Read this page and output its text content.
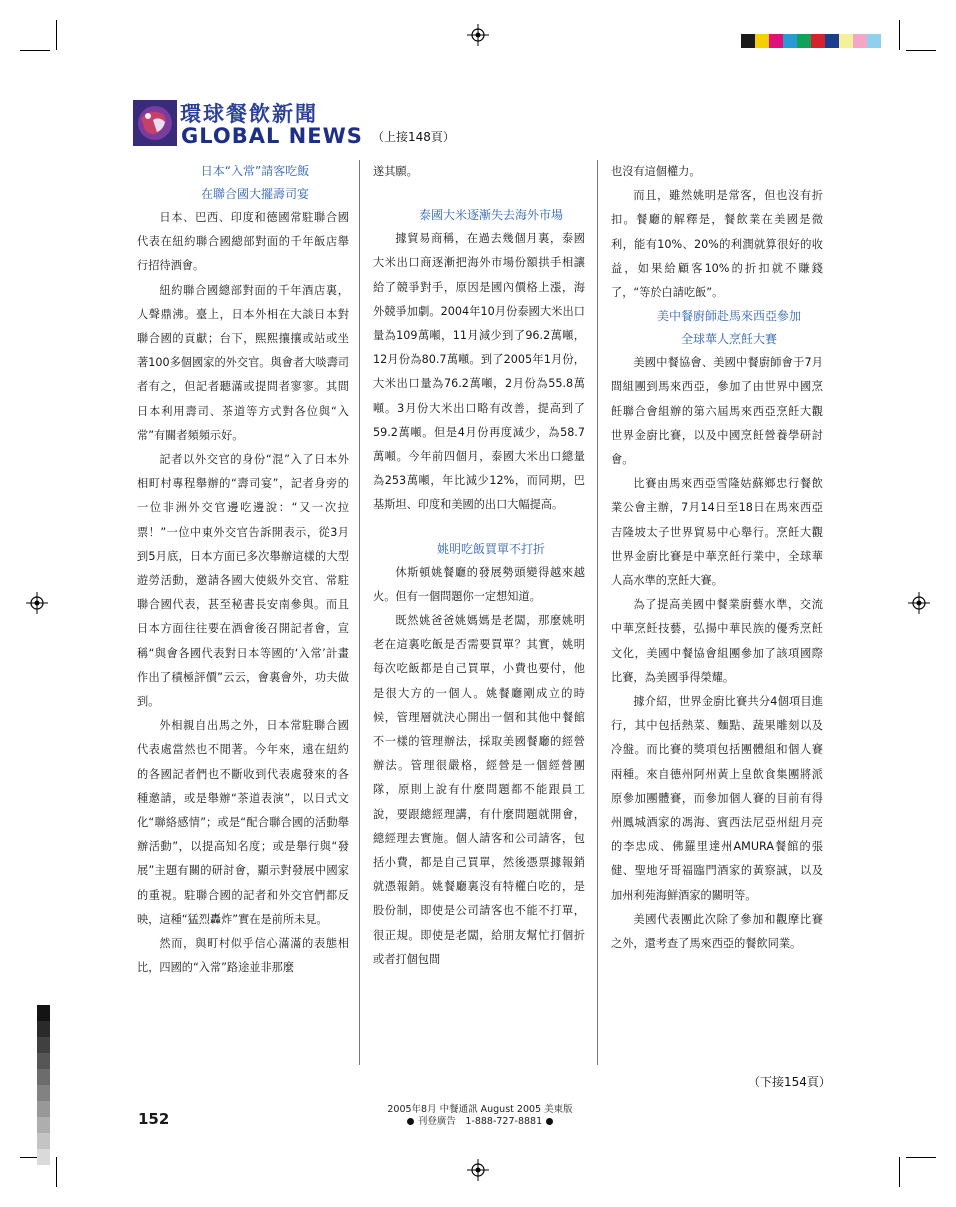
環球餐飲新聞
GLOBAL NEWS （上接148頁）

日本“入常”請客吃飯

在聯合國大擺壽司宴

日本、巴西、印度和德國常駐聯合國代表在紐約聯合國總部對面的千年飯店舉行招待酒會。

紐約聯合國總部對面的千年酒店裏，人聲鼎沸。臺上，日本外相在大談日本對聯合國的貢獻；台下，熙熙攘攘或站或坐著100多個國家的外交官。與會者大啖壽司者有之，但記者聽滿或提問者寥寥。其間日本利用壽司、茶道等方式對各位與“入常”有關者頻頻示好。

記者以外交官的身份“混”入了日本外相町村專程舉辦的“壽司宴”，記者身旁的一位非洲外交官邊吃邊說：“又一次拉票！”一位中東外交官告訴開表示，從3月到5月底，日本方面已多次舉辦這樣的大型遊勞活動，邀請各國大使級外交官、常駐聯合國代表，甚至秘書長安南參與。而且日本方面往往要在酒會後召開記者會，宣稱“與會各國代表對日本等國的‘入常’計畫作出了積極評價”云云，會裏會外，功夫做到。

外相親自出馬之外，日本常駐聯合國代表處當然也不閒著。今年來，遠在紐約的各國記者們也不斷收到代表處發來的各種邀請，或是舉辦“茶道表演”，以日式文化“聯絡感情”；或是“配合聯合國的活動舉辦活動”，以提高知名度；或是舉行與“發展”主題有關的研討會，顯示對發展中國家的重視。駐聯合國的記者和外交官們都反映，這種“猛烈轟炸”實在是前所未見。

然而，與町村似乎信心滿滿的表態相比，四國的“入常”路途並非那麼

遂其願。

泰國大米逐漸失去海外市場

據貿易商稱，在過去幾個月裏，泰國大米出口商逐漸把海外市場份額拱手相讓給了競爭對手，原因是國內價格上漲，海外競爭加劇。2004年10月份泰國大米出口量為109萬噸，11月減少到了96.2萬噸，12月份為80.7萬噸。到了2005年1月份，大米出口量為76.2萬噸，2月份為55.8萬噸。3月份大米出口略有改善，提高到了59.2萬噸。但是4月份再度減少，為58.7萬噸。今年前四個月，泰國大米出口總量為253萬噸，年比減少12%，而同期，巴基斯坦、印度和美國的出口大幅提高。

姚明吃飯買單不打折

休斯頓姚餐廳的發展勢頭變得越來越火。但有一個問題你一定想知道。

既然姚爸爸姚媽媽是老闆，那麼姚明老在這裏吃飯是否需要買單？其實，姚明每次吃飯都是自己買單，小費也要付，他是很大方的一個人。姚餐廳剛成立的時候，管理層就決心開出一個和其他中餐館不一樣的管理辦法，採取美國餐廳的經營辦法。管理很嚴格，經營是一個經營團隊，原則上說有什麼問題都不能跟員工說，要跟總經理講，有什麼問題就開會，總經理去實施。個人請客和公司請客，包括小費，都是自己買單，然後憑票據報銷就憑報銷。姚餐廳裏沒有特權白吃的，是股份制，即使是公司請客也不能不打單，很正規。即使是老闆，給朋友幫忙打個折或者打個包間

也沒有這個權力。

而且，雖然姚明是常客，但也沒有折扣。餐廳的解釋是，餐飲業在美國是微利，能有10%、20%的利潤就算很好的收益，如果給顧客10%的折扣就不賺錢了，“等於白請吃飯”。

美中餐廚師赴馬來西亞參加

全球華人烹飪大賽

美國中餐協會、美國中餐廚師會于7月間組團到馬來西亞，參加了由世界中國烹飪聯合會組辦的第六屆馬來西亞烹飪大觀世界金廚比賽，以及中國烹飪營養學研討會。

比賽由馬來西亞雪隆姑蘇鄉忠行餐飲業公會主辦，7月14日至18日在馬來西亞吉隆坡太子世界貿易中心舉行。烹飪大觀世界金廚比賽是中華烹飪行業中，全球華人高水準的烹飪大賽。

為了提高美國中餐業廚藝水準，交流中華烹飪技藝，弘揚中華民族的優秀烹飪文化，美國中餐協會組團參加了該項國際比賽，為美國爭得榮耀。

據介紹，世界金廚比賽共分4個項目進行，其中包括熱菜、麵點、蔬果雕刻以及冷盤。而比賽的獎項包括團體組和個人賽兩種。來自德州阿州黃上皇飲食集團將派原參加團體賽，而參加個人賽的目前有得州鳳城酒家的馮海、賓西法尼亞州紐月亮的李忠成、佛羅里達州AMURA餐館的張健、聖地牙哥福臨門酒家的黃察誠，以及加州利苑海鮮酒家的關明等。

美國代表團此次除了參加和觀摩比賽之外，還考查了馬來西亞的餐飲同業。

（下接154頁）
152
2005年8月 中餐通訊 August 2005 美東版
刊登廣告　1-888-727-8881
